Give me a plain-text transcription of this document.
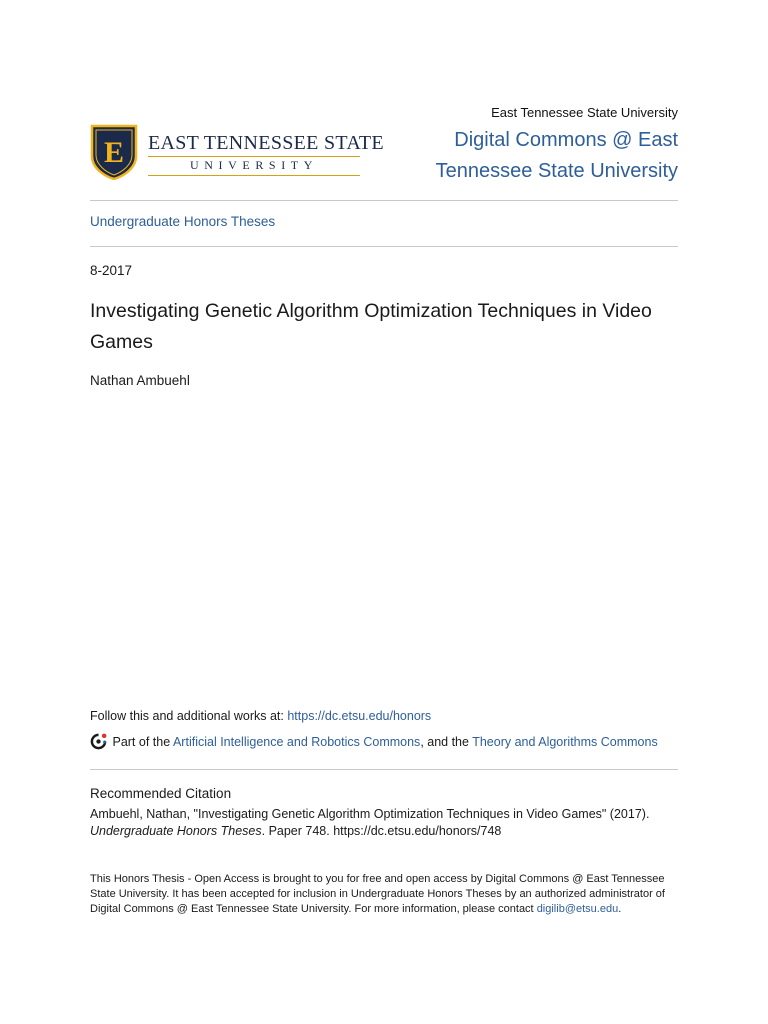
E EAST TENNESSEE STATE
UNIVERSITY
East Tennessee State University
Digital Commons @ East Tennessee State University
Undergraduate Honors Theses
8-2017
Investigating Genetic Algorithm Optimization Techniques in Video Games
Nathan Ambuehl
Follow this and additional works at: https://dc.etsu.edu/honors
Part of the Artificial Intelligence and Robotics Commons, and the Theory and Algorithms Commons
Recommended Citation
Ambuehl, Nathan, "Investigating Genetic Algorithm Optimization Techniques in Video Games" (2017).
Undergraduate Honors Theses. Paper 748. https://dc.etsu.edu/honors/748
This Honors Thesis - Open Access is brought to you for free and open access by Digital Commons @ East Tennessee State University. It has been accepted for inclusion in Undergraduate Honors Theses by an authorized administrator of Digital Commons @ East Tennessee State University. For more information, please contact digilib@etsu.edu.
